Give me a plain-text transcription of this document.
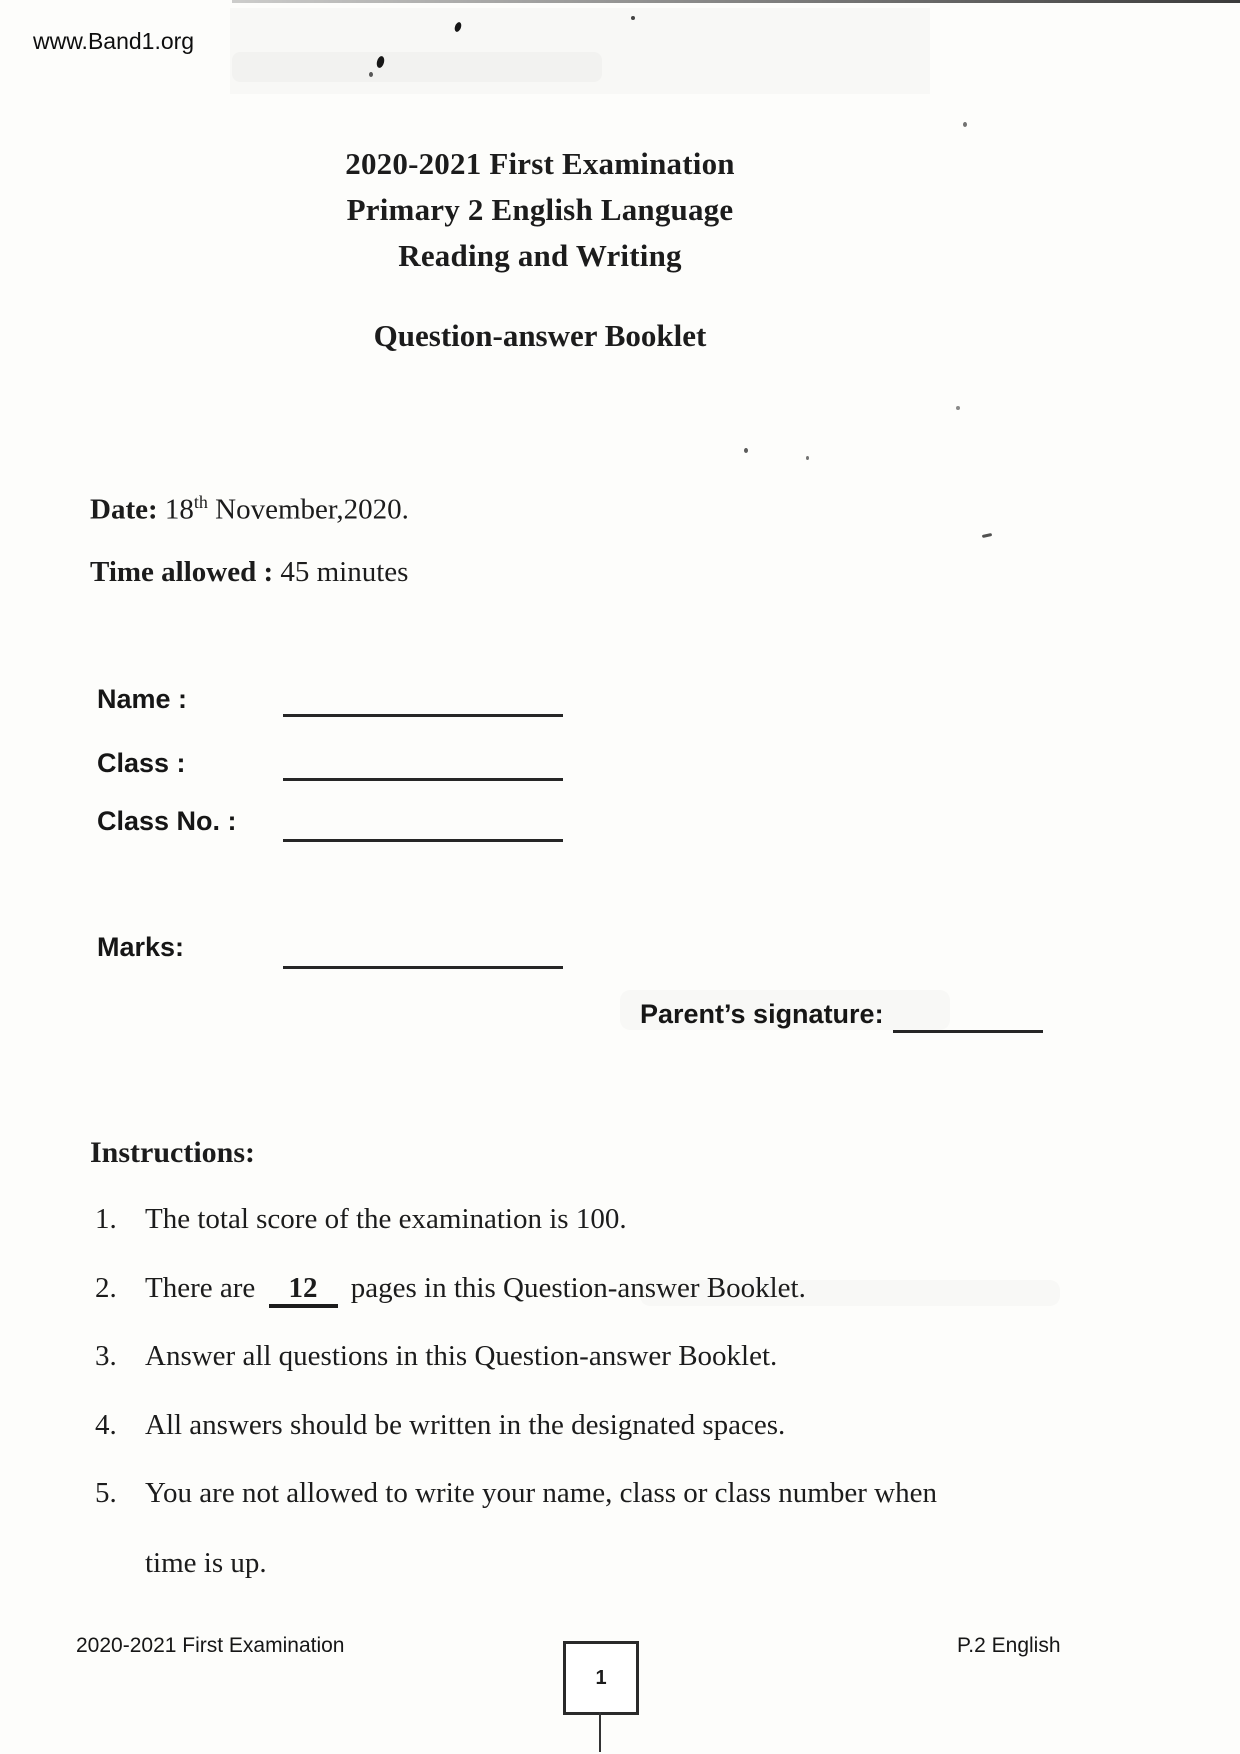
www.Band1.org
2020-2021 First Examination
Primary 2 English Language
Reading and Writing
Question-answer Booklet
Date: 18th November,2020.
Time allowed : 45 minutes
Name :
Class :
Class No. :
Marks:
Parent’s signature:
Instructions:
1. The total score of the examination is 100.
2. There are 12 pages in this Question-answer Booklet.
3. Answer all questions in this Question-answer Booklet.
4. All answers should be written in the designated spaces.
5. You are not allowed to write your name, class or class number when
time is up.
2020-2021 First Examination
1
P.2 English
